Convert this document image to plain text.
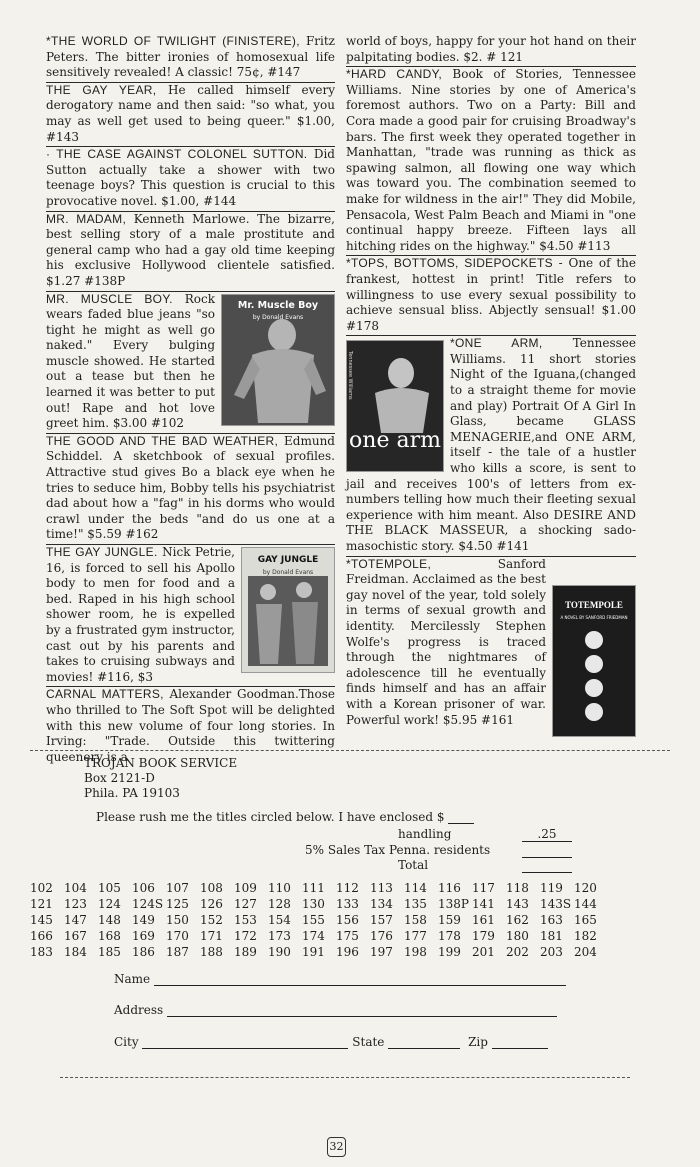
*THE WORLD OF TWILIGHT (FINISTERE), Fritz Peters. The bitter ironies of homosexual life sensitively revealed! A classic! 75¢, #147

THE GAY YEAR, He called himself every derogatory name and then said: "so what, you may as well get used to being queer." $1.00, #143

· THE CASE AGAINST COLONEL SUTTON. Did Sutton actually take a shower with two teenage boys? This question is crucial to this provocative novel. $1.00, #144

MR. MADAM, Kenneth Marlowe. The bizarre, best selling story of a male prostitute and general camp who had a gay old time keeping his exclusive Hollywood clientele satisfied. $1.27 #138P

Mr. Muscle Boy
by Donald Evans

MR. MUSCLE BOY. Rock wears faded blue jeans "so tight he might as well go naked." Every bulging muscle showed. He started out a tease but then he learned it was better to put out! Rape and hot love greet him. $3.00 #102

THE GOOD AND THE BAD WEATHER, Edmund Schiddel. A sketchbook of sexual profiles. Attractive stud gives Bo a black eye when he tries to seduce him, Bobby tells his psychiatrist dad about how a "fag" in his dorms who would crawl under the beds "and do us one at a time!" $5.59 #162

GAY JUNGLE
by Donald Evans

THE GAY JUNGLE. Nick Petrie, 16, is forced to sell his Apollo body to men for food and a bed. Raped in his high school shower room, he is expelled by a frustrated gym instructor, cast out by his parents and takes to cruising subways and movies! #116, $3

CARNAL MATTERS, Alexander Goodman.Those who thrilled to The Soft Spot will be delighted with this new volume of four long stories. In Irving: "Trade. Outside this twittering queenery is a

world of boys, happy for your hot hand on their palpitating bodies. $2. # 121

*HARD CANDY, Book of Stories, Tennessee Williams. Nine stories by one of America's foremost authors. Two on a Party: Bill and Cora made a good pair for cruising Broadway's bars. The first week they operated together in Manhattan, "trade was running as thick as spawing salmon, all flowing one way which was toward you. The combination seemed to make for wildness in the air!" They did Mobile, Pensacola, West Palm Beach and Miami in "one continual happy breeze. Fifteen lays all hitching rides on the highway." $4.50 #113

*TOPS, BOTTOMS, SIDEPOCKETS - One of the frankest, hottest in print! Title refers to willingness to use every sexual possibility to achieve sensual bliss. Abjectly sensual! $1.00 #178

one arm
Tennessee Williams

*ONE ARM, Tennessee Williams. 11 short stories Night of the Iguana,(changed to a straight theme for movie and play) Portrait Of A Girl In Glass, became GLASS MENAGERIE,and ONE ARM, itself - the tale of a hustler who kills a score, is sent to jail and receives 100's of letters from ex-numbers telling how much their fleeting sexual experience with him meant. Also DESIRE AND THE BLACK MASSEUR, a shocking sado-masochistic story. $4.50 #141

TOTEMPOLE
A NOVEL BY SANFORD FRIEDMAN

*TOTEMPOLE, Sanford Freidman. Acclaimed as the best gay novel of the year, told solely in terms of sexual growth and identity. Mercilessly Stephen Wolfe's progress is traced through the nightmares of adolescence till he eventually finds himself and has an affair with a Korean prisoner of war. Powerful work! $5.95 #161

TROJAN BOOK SERVICE
Box 2121-D
Phila. PA 19103
Please rush me the titles circled below. I have enclosed $
handling	.25
5% Sales Tax Penna. residents
Total
102 104 105 106 107 108 109 110 111 112 113 114 116 117 118 119 120
121 123 124 124S 125 126 127 128 130 133 134 135 138P 141 143 143S 144
145 147 148 149 150 152 153 154 155 156 157 158 159 161 162 163 165
166 167 168 169 170 171 172 173 174 175 176 177 178 179 180 181 182
183 184 185 186 187 188 189 190 191 196 197 198 199 201 202 203 204
Name
Address
City	State	Zip
32
